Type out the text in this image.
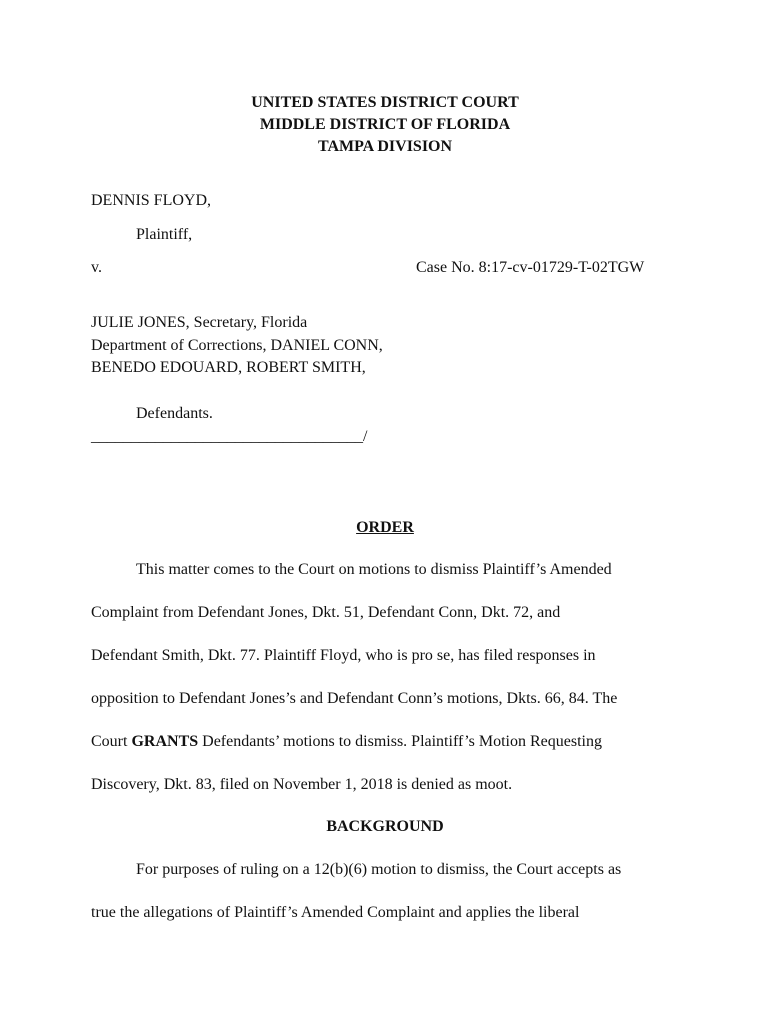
UNITED STATES DISTRICT COURT
MIDDLE DISTRICT OF FLORIDA
TAMPA DIVISION
DENNIS FLOYD,
Plaintiff,
v.	Case No. 8:17-cv-01729-T-02TGW
JULIE JONES, Secretary, Florida
Department of Corrections, DANIEL CONN,
BENEDO EDOUARD, ROBERT SMITH,
Defendants.
__________________________________/
ORDER
This matter comes to the Court on motions to dismiss Plaintiff’s Amended
Complaint from Defendant Jones, Dkt. 51, Defendant Conn, Dkt. 72, and
Defendant Smith, Dkt. 77. Plaintiff Floyd, who is pro se, has filed responses in
opposition to Defendant Jones’s and Defendant Conn’s motions, Dkts. 66, 84. The
Court GRANTS Defendants’ motions to dismiss. Plaintiff’s Motion Requesting
Discovery, Dkt. 83, filed on November 1, 2018 is denied as moot.
BACKGROUND
For purposes of ruling on a 12(b)(6) motion to dismiss, the Court accepts as
true the allegations of Plaintiff’s Amended Complaint and applies the liberal
